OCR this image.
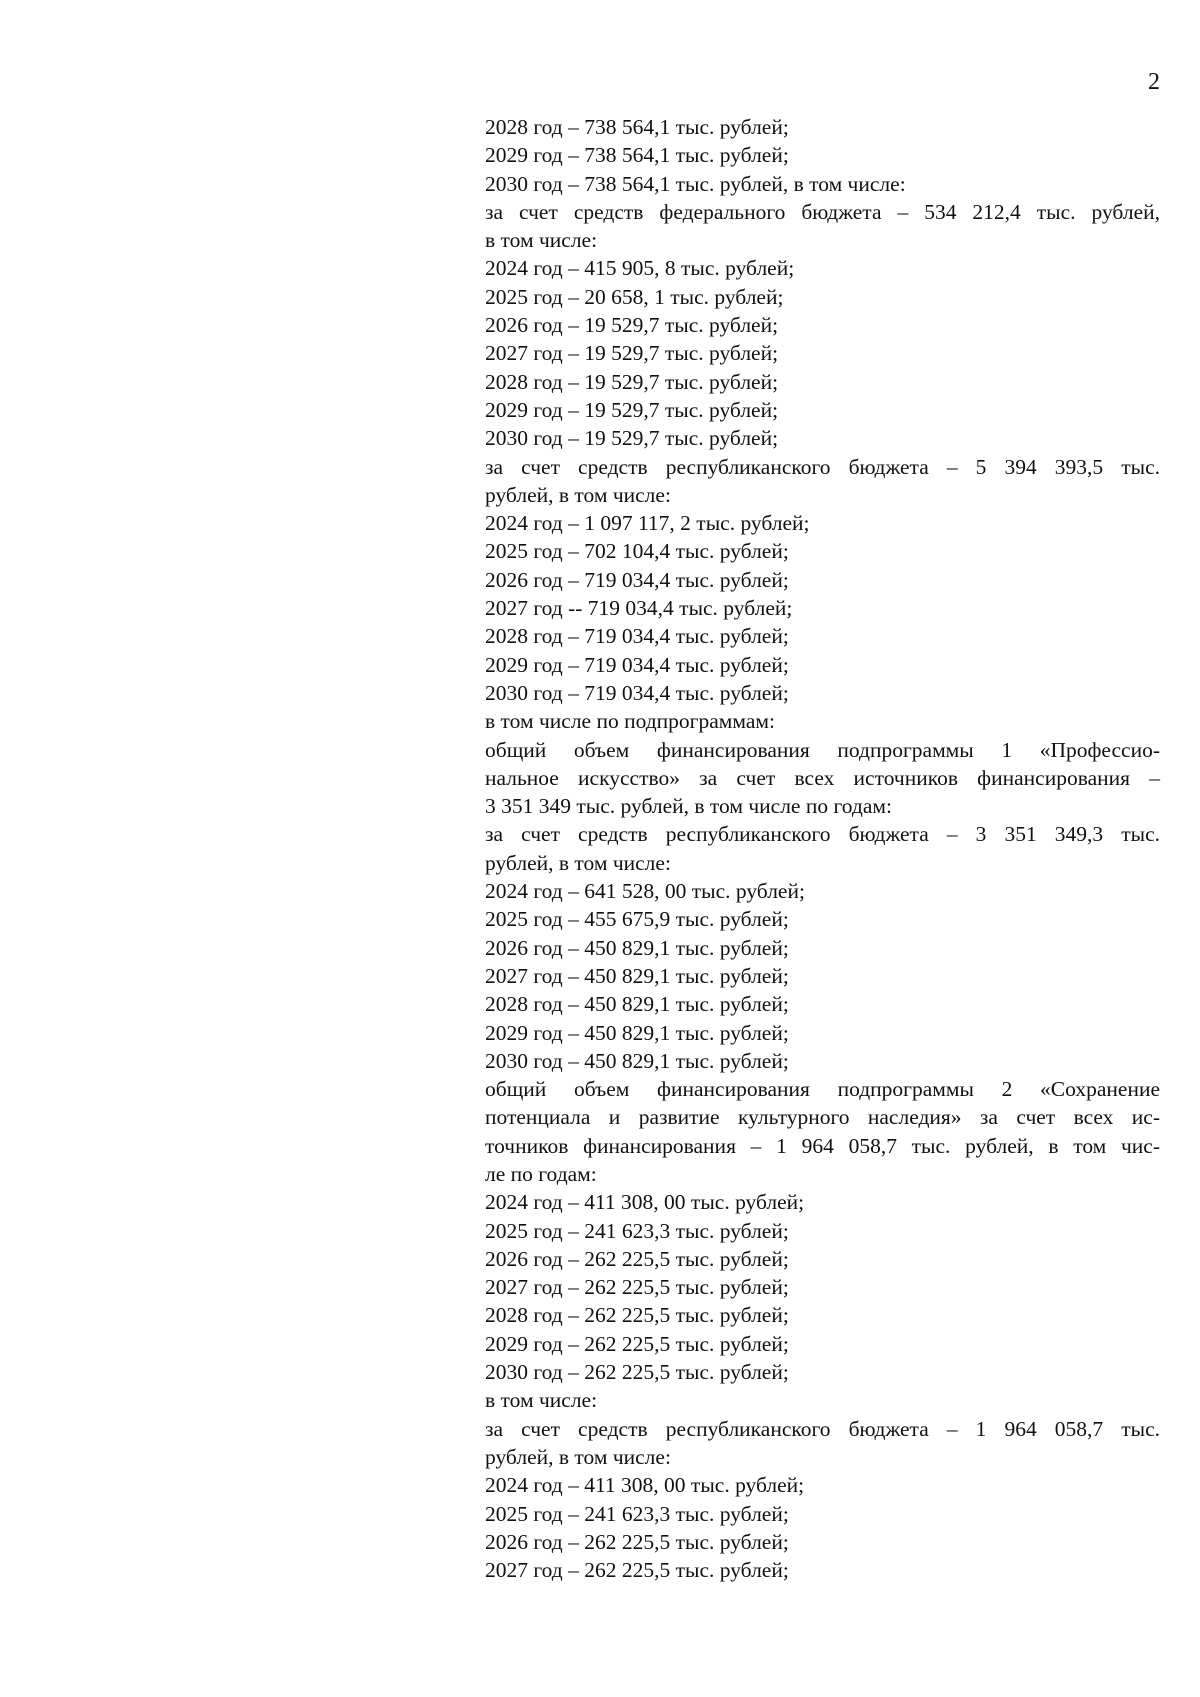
2
2028 год – 738 564,1 тыс. рублей;
2029 год – 738 564,1 тыс. рублей;
2030 год – 738 564,1 тыс. рублей, в том числе:
за счет средств федерального бюджета – 534 212,4 тыс. рублей,
в том числе:
2024 год – 415 905, 8 тыс. рублей;
2025 год – 20 658, 1 тыс. рублей;
2026 год – 19 529,7 тыс. рублей;
2027 год – 19 529,7 тыс. рублей;
2028 год – 19 529,7 тыс. рублей;
2029 год – 19 529,7 тыс. рублей;
2030 год – 19 529,7 тыс. рублей;
за счет средств республиканского бюджета – 5 394 393,5 тыс.
рублей, в том числе:
2024 год – 1 097 117, 2 тыс. рублей;
2025 год – 702 104,4 тыс. рублей;
2026 год – 719 034,4 тыс. рублей;
2027 год -- 719 034,4 тыс. рублей;
2028 год – 719 034,4 тыс. рублей;
2029 год – 719 034,4 тыс. рублей;
2030 год – 719 034,4 тыс. рублей;
в том числе по подпрограммам:
общий объем финансирования подпрограммы 1 «Профессио-
нальное искусство» за счет всех источников финансирования –
3 351 349 тыс. рублей, в том числе по годам:
за счет средств республиканского бюджета – 3 351 349,3 тыс.
рублей, в том числе:
2024 год – 641 528, 00 тыс. рублей;
2025 год – 455 675,9 тыс. рублей;
2026 год – 450 829,1 тыс. рублей;
2027 год – 450 829,1 тыс. рублей;
2028 год – 450 829,1 тыс. рублей;
2029 год – 450 829,1 тыс. рублей;
2030 год – 450 829,1 тыс. рублей;
общий объем финансирования подпрограммы 2 «Сохранение
потенциала и развитие культурного наследия» за счет всех ис-
точников финансирования – 1 964 058,7 тыс. рублей, в том чис-
ле по годам:
2024 год – 411 308, 00 тыс. рублей;
2025 год – 241 623,3 тыс. рублей;
2026 год – 262 225,5 тыс. рублей;
2027 год – 262 225,5 тыс. рублей;
2028 год – 262 225,5 тыс. рублей;
2029 год – 262 225,5 тыс. рублей;
2030 год – 262 225,5 тыс. рублей;
в том числе:
за счет средств республиканского бюджета – 1 964 058,7 тыс.
рублей, в том числе:
2024 год – 411 308, 00 тыс. рублей;
2025 год – 241 623,3 тыс. рублей;
2026 год – 262 225,5 тыс. рублей;
2027 год – 262 225,5 тыс. рублей;
